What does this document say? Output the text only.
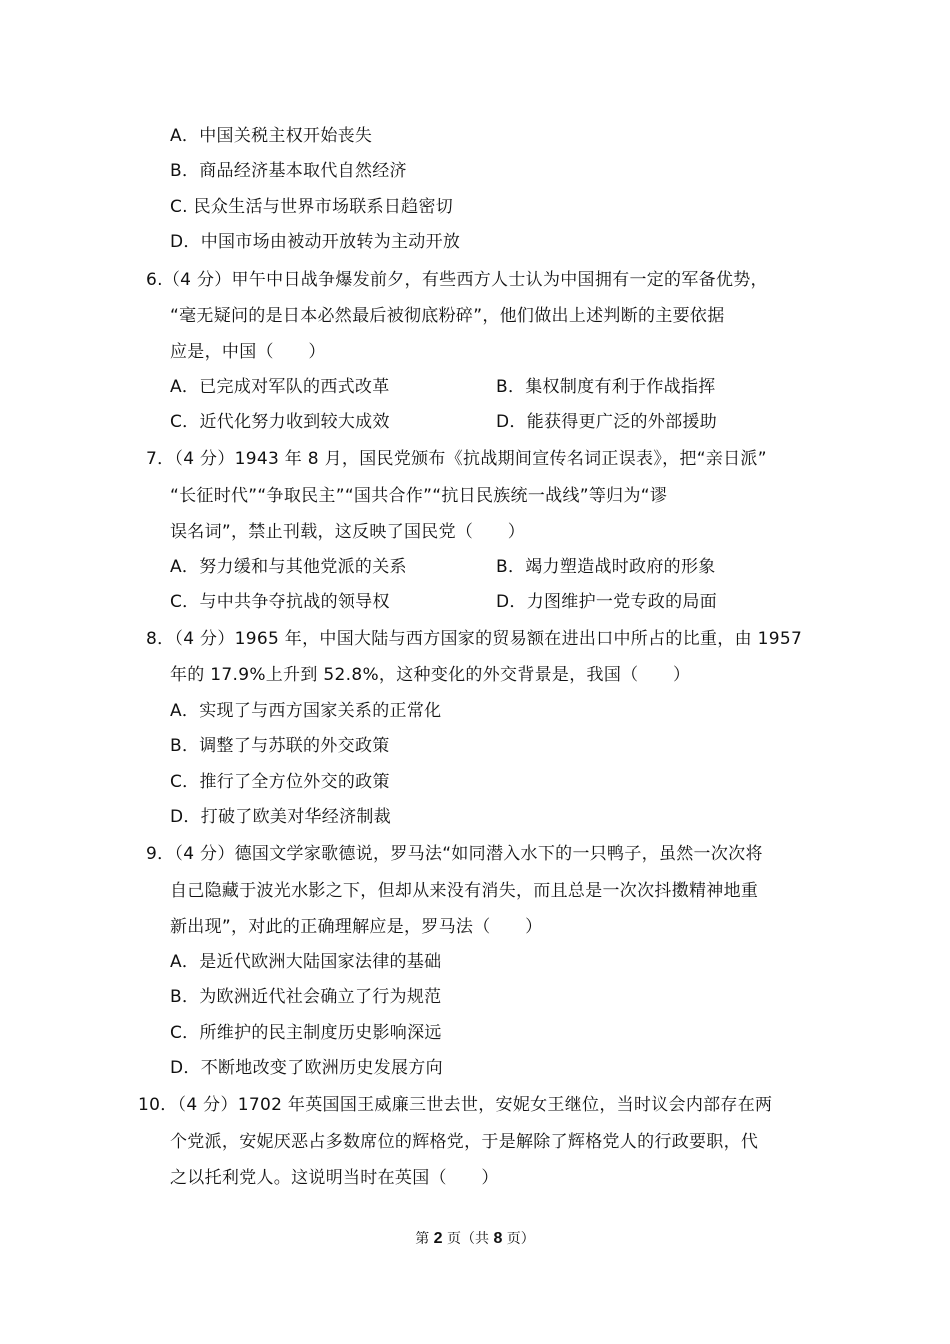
A．中国关税主权开始丧失
B．商品经济基本取代自然经济
C. 民众生活与世界市场联系日趋密切
D．中国市场由被动开放转为主动开放
6.（4 分）甲午中日战争爆发前夕，有些西方人士认为中国拥有一定的军备优势，
“毫无疑问的是日本必然最后被彻底粉碎”，他们做出上述判断的主要依据
应是，中国（　　）
A．已完成对军队的西式改革	B．集权制度有利于作战指挥
C．近代化努力收到较大成效	D．能获得更广泛的外部援助
7．（4 分）1943 年 8 月，国民党颁布《抗战期间宣传名词正误表》，把“亲日派”
“长征时代”“争取民主”“国共合作”“抗日民族统一战线”等归为“谬
误名词”，禁止刊载，这反映了国民党（　　）
A．努力缓和与其他党派的关系	B．竭力塑造战时政府的形象
C．与中共争夺抗战的领导权	D．力图维护一党专政的局面
8．（4 分）1965 年，中国大陆与西方国家的贸易额在进出口中所占的比重，由 1957
年的 17.9%上升到 52.8%，这种变化的外交背景是，我国（　　）
A．实现了与西方国家关系的正常化
B．调整了与苏联的外交政策
C．推行了全方位外交的政策
D．打破了欧美对华经济制裁
9．（4 分）德国文学家歌德说，罗马法“如同潜入水下的一只鸭子，虽然一次次将
自己隐藏于波光水影之下，但却从来没有消失，而且总是一次次抖擞精神地重
新出现”，对此的正确理解应是，罗马法（　　）
A．是近代欧洲大陆国家法律的基础
B．为欧洲近代社会确立了行为规范
C．所维护的民主制度历史影响深远
D．不断地改变了欧洲历史发展方向
10．（4 分）1702 年英国国王威廉三世去世，安妮女王继位，当时议会内部存在两
个党派，安妮厌恶占多数席位的辉格党，于是解除了辉格党人的行政要职，代
之以托利党人。这说明当时在英国（　　）
第 2 页（共 8 页）
